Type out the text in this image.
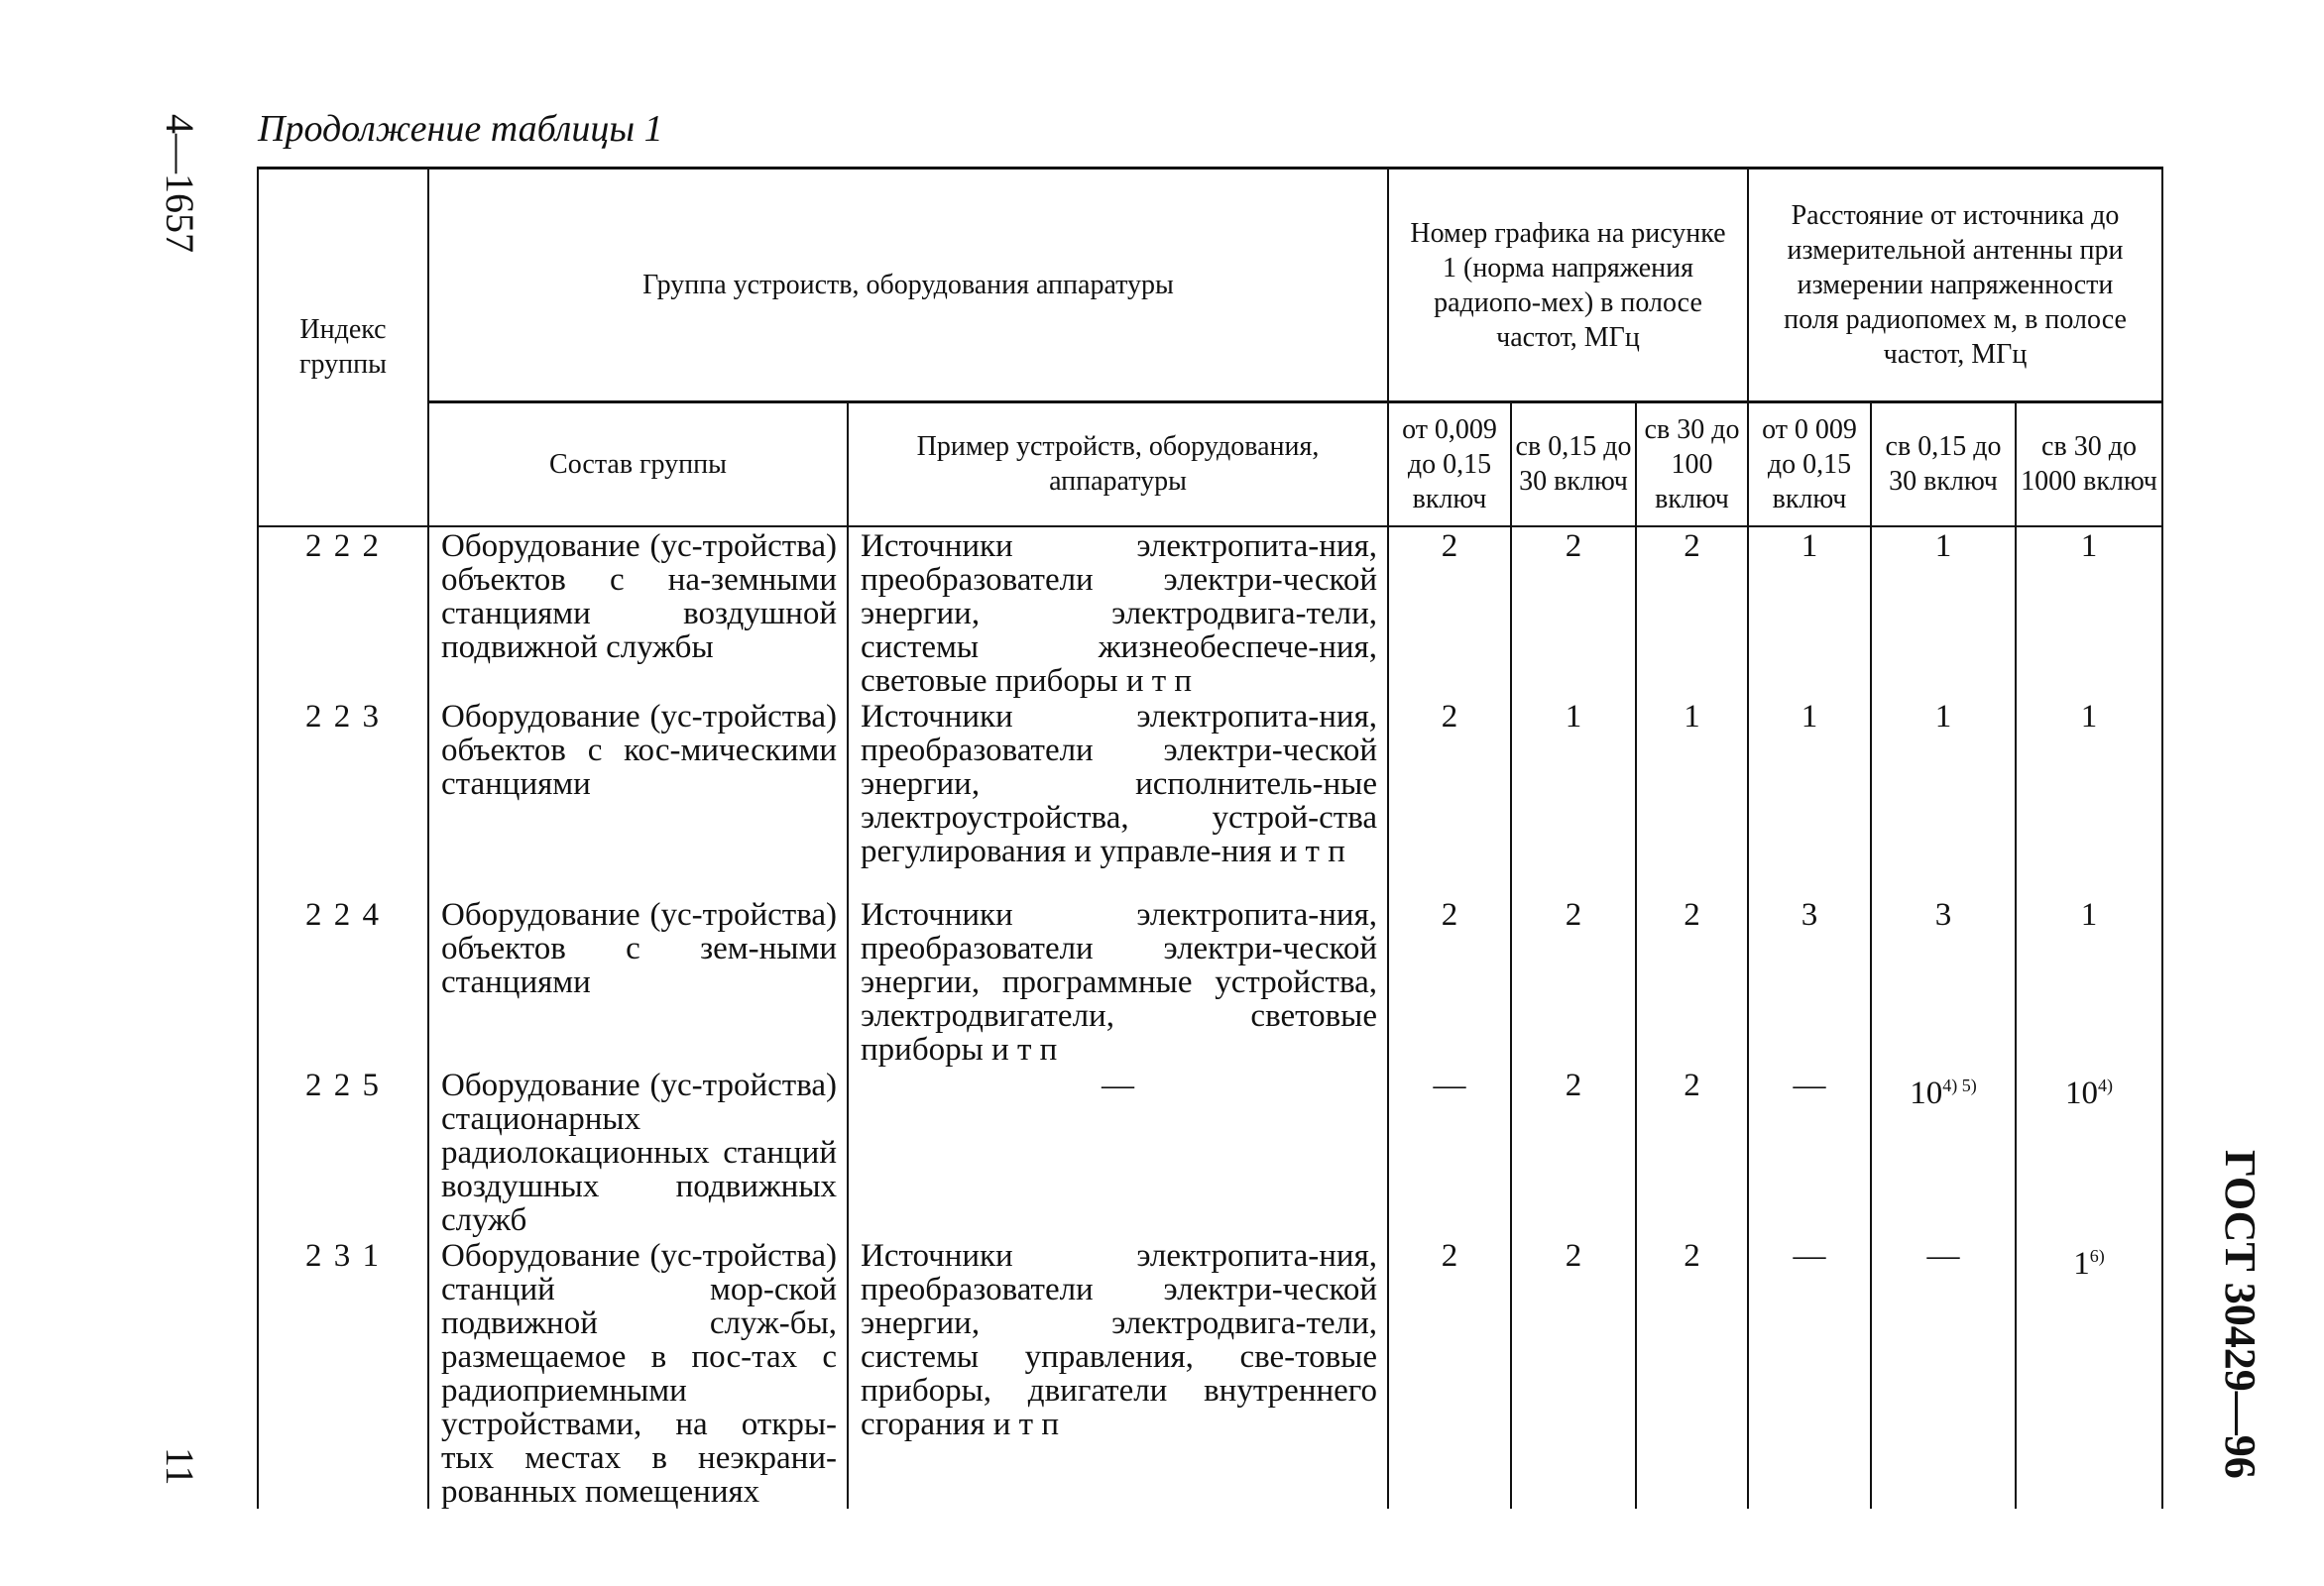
Продолжение таблицы 1
4—1657
11	ГОСТ 30429—96
Индекс группы	Группа устроиств, оборудования аппаратуры		Номер графика на рисунке 1 (норма напряжения радиопо-мех) в полосе частот, МГц			Расстояние от источника до измерительной антенны при измерении напряженности поля радиопомех м, в полосе частот, МГц		
	Состав группы	Пример устройств, оборудования, аппаратуры	от 0,009 до 0,15 включ	св 0,15 до 30 включ	св 30 до 100 включ	от 0 009 до 0,15 включ	св 0,15 до 30 включ	св 30 до 1000 включ
2 2 2	Оборудование (ус-тройства) объектов с на-земными станциями воздушной подвижной службы	Источники электропита-ния, преобразователи электри-ческой энергии, электродвига-тели, системы жизнеобеспече-ния, световые приборы и т п	2	2	2	1	1	1
2 2 3	Оборудование (ус-тройства) объектов с кос-мическими станциями	Источники электропита-ния, преобразователи электри-ческой энергии, исполнитель-ные электроустройства, устрой-ства регулирования и управле-ния и т п	2	1	1	1	1	1
2 2 4	Оборудование (ус-тройства) объектов с зем-ными станциями	Источники электропита-ния, преобразователи электри-ческой энергии, программные устройства, электродвигатели, световые приборы и т п	2	2	2	3	3	1
2 2 5	Оборудование (ус-тройства) стационарных радиолокационных станций воздушных подвижных служб	—	—	2	2	—	$10^{4) 5)}$	10$^{4)}$
2 3 1	Оборудование (ус-тройства) станций мор-ской подвижной служ-бы, размещаемое в пос-тах с радиоприемными устройствами, на откры-тых местах в неэкрани-рованных помещениях	Источники электропита-ния, преобразователи электри-ческой энергии, электродвига-тели, системы управления, све-товые приборы, двигатели внутреннего сгорания и т п	2	2	2	—	—	1$^{6)}$
